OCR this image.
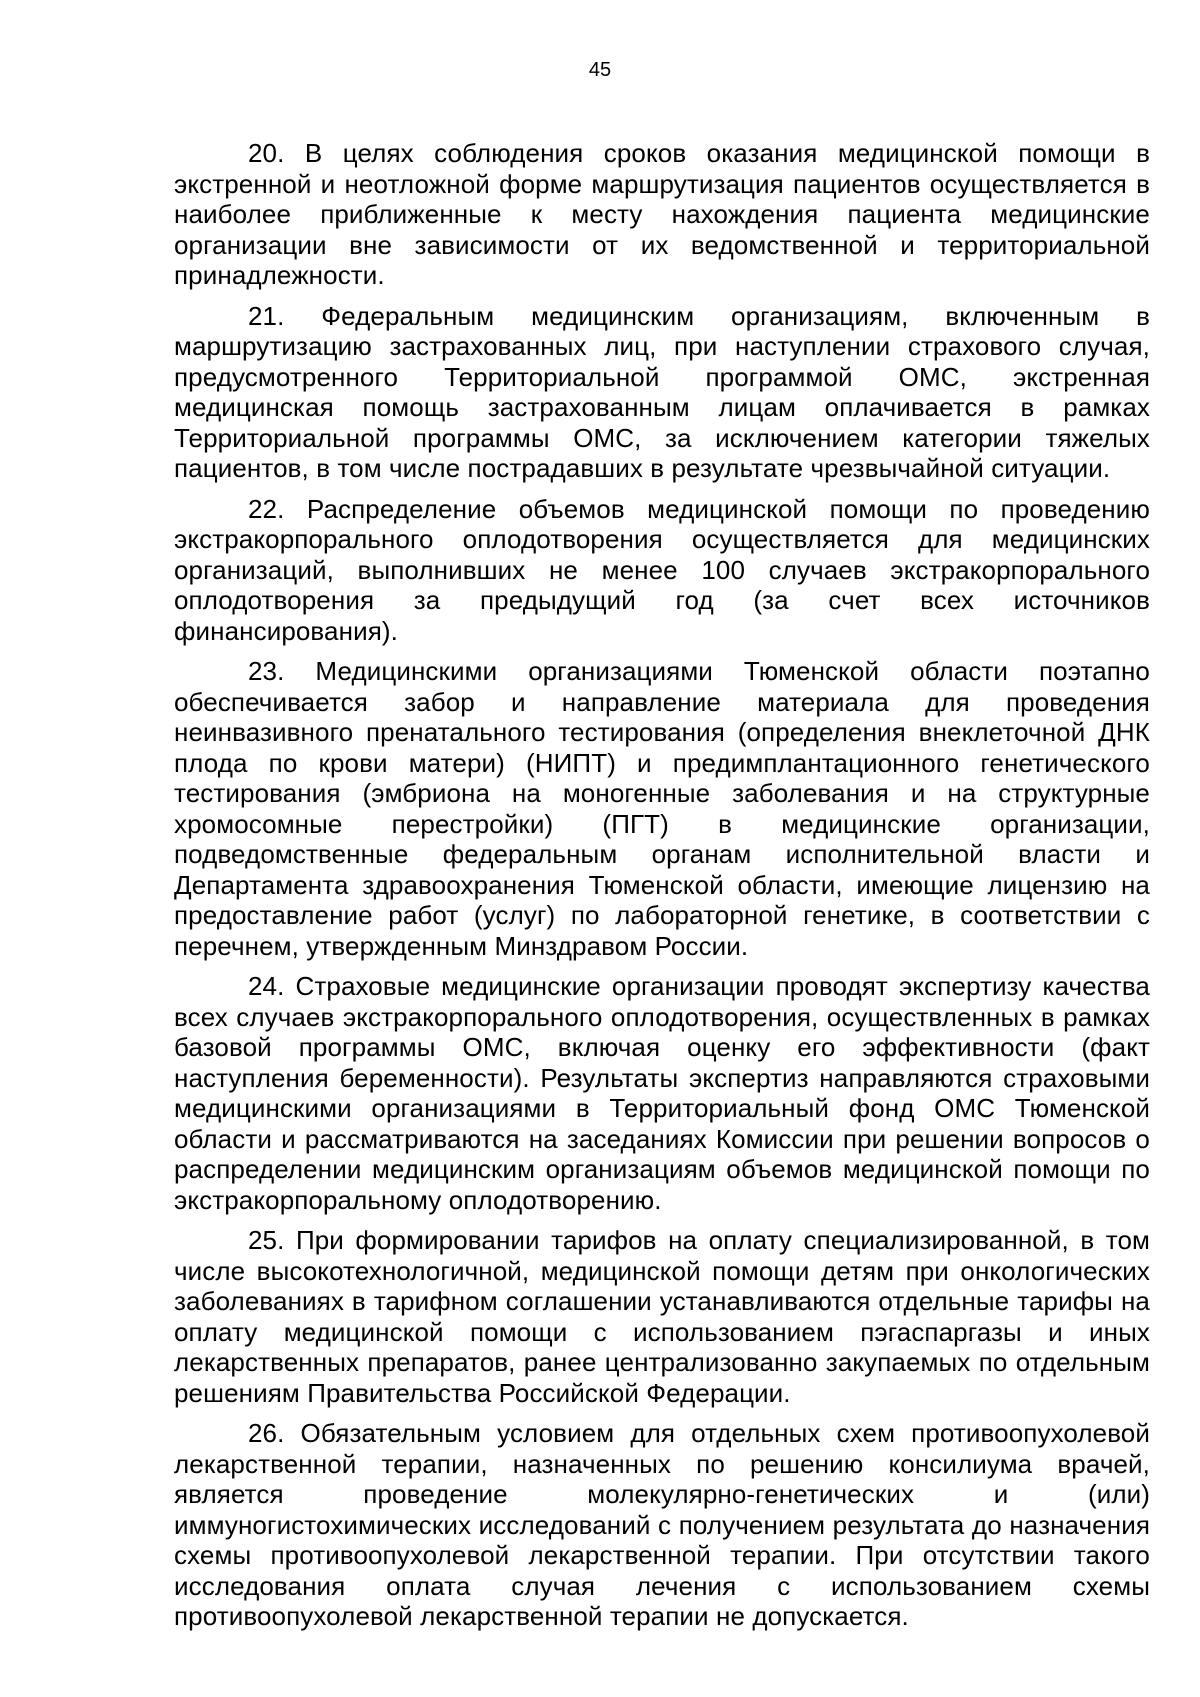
45

20. В целях соблюдения сроков оказания медицинской помощи в экстренной и неотложной форме маршрутизация пациентов осуществляется в наиболее приближенные к месту нахождения пациента медицинские организации вне зависимости от их ведомственной и территориальной принадлежности.

21. Федеральным медицинским организациям, включенным в маршрутизацию застрахованных лиц, при наступлении страхового случая, предусмотренного Территориальной программой ОМС, экстренная медицинская помощь застрахованным лицам оплачивается в рамках Территориальной программы ОМС, за исключением категории тяжелых пациентов, в том числе пострадавших в результате чрезвычайной ситуации.

22. Распределение объемов медицинской помощи по проведению экстракорпорального оплодотворения осуществляется для медицинских организаций, выполнивших не менее 100 случаев экстракорпорального оплодотворения за предыдущий год (за счет всех источников финансирования).

23. Медицинскими организациями Тюменской области поэтапно обеспечивается забор и направление материала для проведения неинвазивного пренатального тестирования (определения внеклеточной ДНК плода по крови матери) (НИПТ) и предимплантационного генетического тестирования (эмбриона на моногенные заболевания и на структурные хромосомные перестройки) (ПГТ) в медицинские организации, подведомственные федеральным органам исполнительной власти и Департамента здравоохранения Тюменской области, имеющие лицензию на предоставление работ (услуг) по лабораторной генетике, в соответствии с перечнем, утвержденным Минздравом России.

24. Страховые медицинские организации проводят экспертизу качества всех случаев экстракорпорального оплодотворения, осуществленных в рамках базовой программы ОМС, включая оценку его эффективности (факт наступления беременности). Результаты экспертиз направляются страховыми медицинскими организациями в Территориальный фонд ОМС Тюменской области и рассматриваются на заседаниях Комиссии при решении вопросов о распределении медицинским организациям объемов медицинской помощи по экстракорпоральному оплодотворению.

25. При формировании тарифов на оплату специализированной, в том числе высокотехнологичной, медицинской помощи детям при онкологических заболеваниях в тарифном соглашении устанавливаются отдельные тарифы на оплату медицинской помощи с использованием пэгаспаргазы и иных лекарственных препаратов, ранее централизованно закупаемых по отдельным решениям Правительства Российской Федерации.

26. Обязательным условием для отдельных схем противоопухолевой лекарственной терапии, назначенных по решению консилиума врачей, является проведение молекулярно-генетических и (или) иммуногистохимических исследований с получением результата до назначения схемы противоопухолевой лекарственной терапии. При отсутствии такого исследования оплата случая лечения с использованием схемы противоопухолевой лекарственной терапии не допускается.
